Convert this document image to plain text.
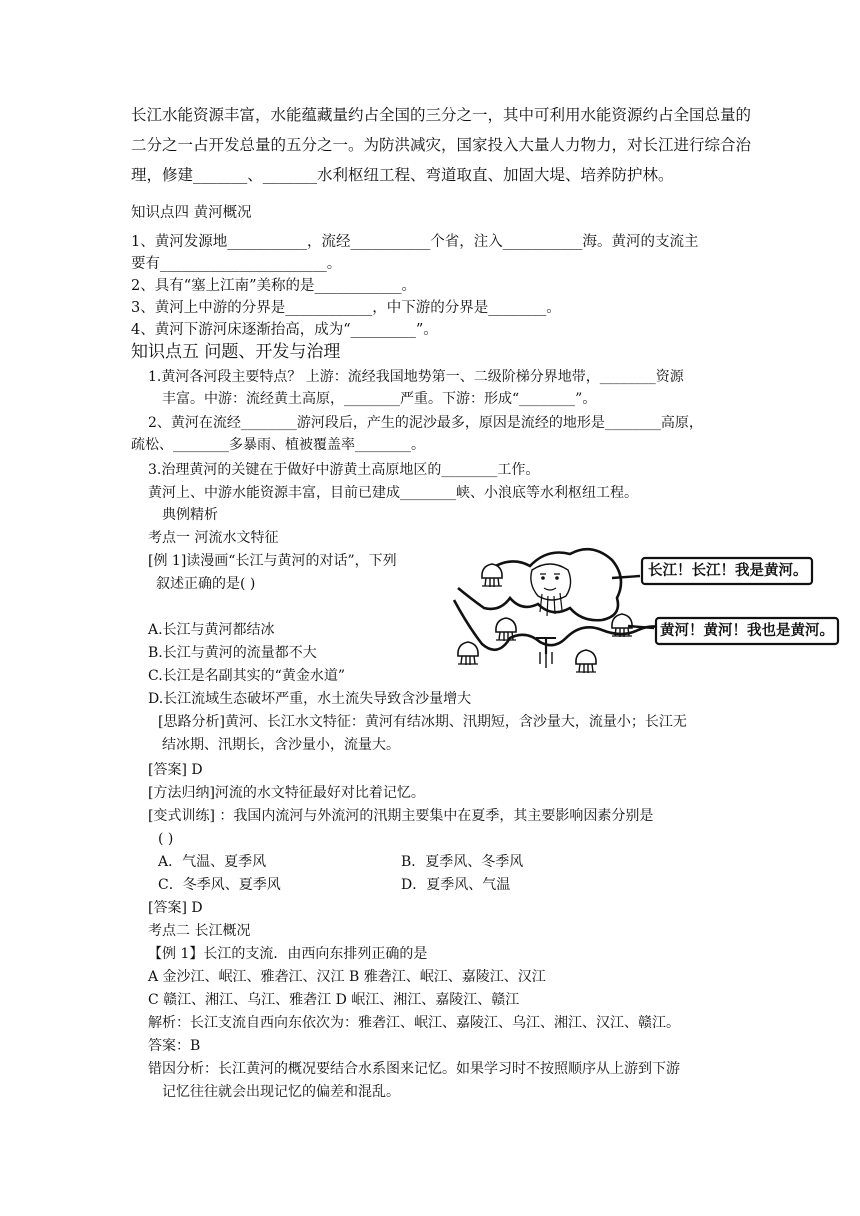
长江水能资源丰富，水能蕴藏量约占全国的三分之一，其中可利用水能资源约占全国总量的
二分之一占开发总量的五分之一。为防洪减灾，国家投入大量人力物力，对长江进行综合治
理，修建_______、_______水利枢纽工程、弯道取直、加固大堤、培养防护林。
知识点四 黄河概况
1、黄河发源地___________，流经___________个省，注入___________海。黄河的支流主
要有_______________________。
2、具有“塞上江南”美称的是____________。
3、黄河上中游的分界是____________，中下游的分界是________。
4、黄河下游河床逐渐抬高，成为“_________”。
知识点五 问题、开发与治理
1.黄河各河段主要特点？ 上游：流经我国地势第一、二级阶梯分界地带，________资源
丰富。中游：流经黄土高原，________严重。下游：形成“________”。
2、黄河在流经________游河段后，产生的泥沙最多，原因是流经的地形是________高原，
疏松、________多暴雨、植被覆盖率________。
3.治理黄河的关键在于做好中游黄土高原地区的________工作。
黄河上、中游水能资源丰富，目前已建成________峡、小浪底等水利枢纽工程。
典例精析
考点一 河流水文特征
[例 1]读漫画“长江与黄河的对话”，下列
叙述正确的是( )
A.长江与黄河都结冰
B.长江与黄河的流量都不大
C.长江是名副其实的“黄金水道”
D.长江流域生态破坏严重，水土流失导致含沙量增大
[思路分析]黄河、长江水文特征：黄河有结冰期、汛期短，含沙量大，流量小；长江无
结冰期、汛期长，含沙量小，流量大。
[答案] D
[方法归纳]河流的水文特征最好对比着记忆。
[变式训练] ：我国内流河与外流河的汛期主要集中在夏季，其主要影响因素分别是
( )
A．气温、夏季风	B．夏季风、冬季风
C．冬季风、夏季风	D．夏季风、气温
[答案] D
考点二 长江概况
【例 1】长江的支流．由西向东排列正确的是
A 金沙江、岷江、雅砻江、汉江 B 雅砻江、岷江、嘉陵江、汉江
C 赣江、湘江、乌江、雅砻江 D 岷江、湘江、嘉陵江、赣江
解析：长江支流自西向东依次为：雅砻江、岷江、嘉陵江、乌江、湘江、汉江、赣江。
答案：B
错因分析：长江黄河的概况要结合水系图来记忆。如果学习时不按照顺序从上游到下游
记忆往往就会出现记忆的偏差和混乱。
长江！长江！我是黄河。
黄河！黄河！我也是黄河。
